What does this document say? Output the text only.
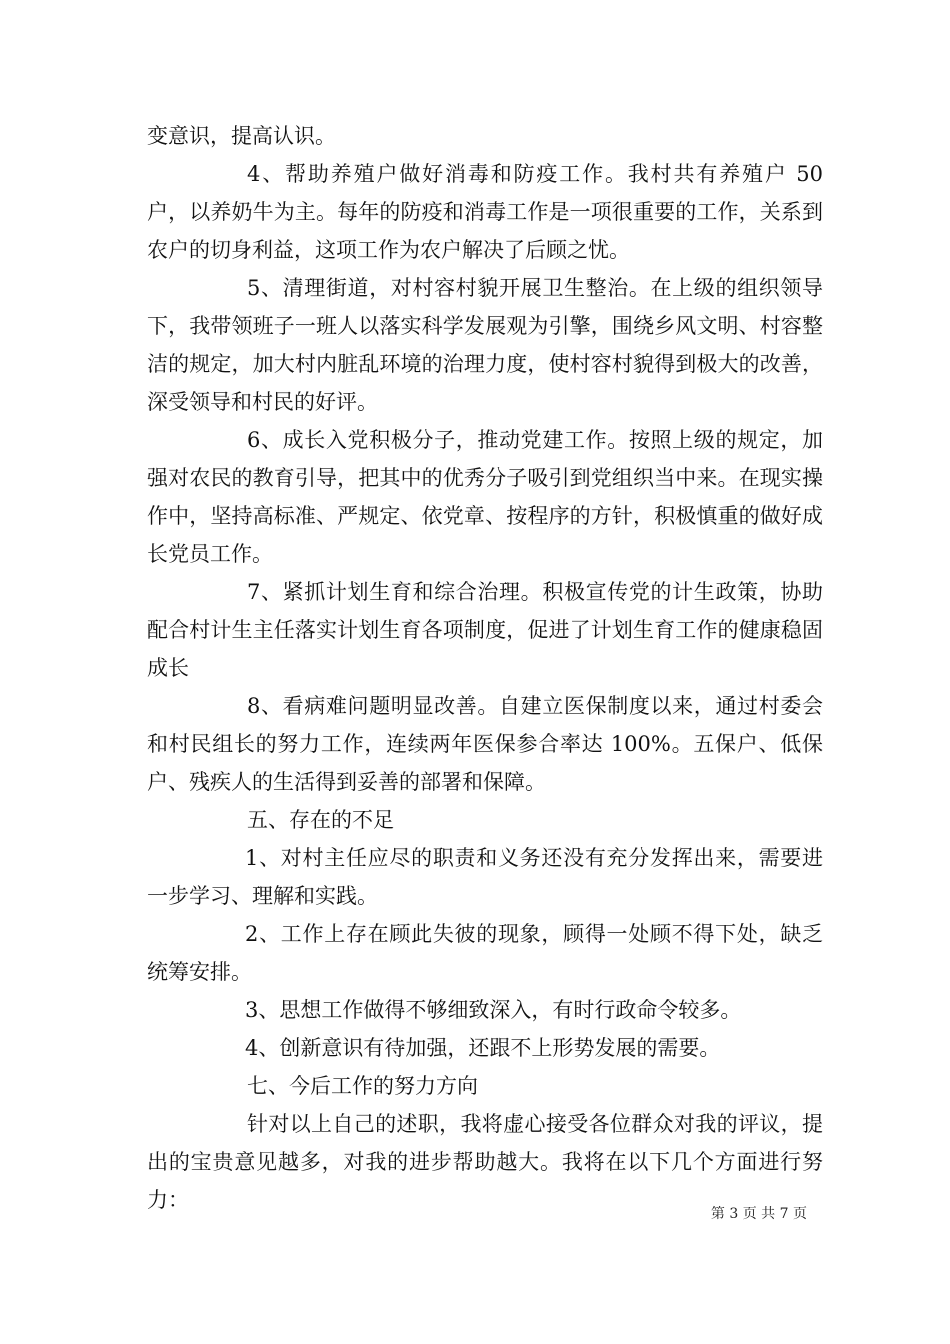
变意识，提高认识。

4、帮助养殖户做好消毒和防疫工作。我村共有养殖户 50 户，以养奶牛为主。每年的防疫和消毒工作是一项很重要的工作，关系到农户的切身利益，这项工作为农户解决了后顾之忧。

5、清理街道，对村容村貌开展卫生整治。在上级的组织领导下，我带领班子一班人以落实科学发展观为引擎，围绕乡风文明、村容整洁的规定，加大村内脏乱环境的治理力度，使村容村貌得到极大的改善，深受领导和村民的好评。

6、成长入党积极分子，推动党建工作。按照上级的规定，加强对农民的教育引导，把其中的优秀分子吸引到党组织当中来。在现实操作中，坚持高标准、严规定、依党章、按程序的方针，积极慎重的做好成长党员工作。

7、紧抓计划生育和综合治理。积极宣传党的计生政策，协助配合村计生主任落实计划生育各项制度，促进了计划生育工作的健康稳固成长

8、看病难问题明显改善。自建立医保制度以来，通过村委会和村民组长的努力工作，连续两年医保参合率达 100%。五保户、低保户、残疾人的生活得到妥善的部署和保障。

五、存在的不足

1、对村主任应尽的职责和义务还没有充分发挥出来，需要进一步学习、理解和实践。

2、工作上存在顾此失彼的现象，顾得一处顾不得下处，缺乏统筹安排。

3、思想工作做得不够细致深入，有时行政命令较多。

4、创新意识有待加强，还跟不上形势发展的需要。

七、今后工作的努力方向

针对以上自己的述职，我将虚心接受各位群众对我的评议，提出的宝贵意见越多，对我的进步帮助越大。我将在以下几个方面进行努力：

第 3 页 共 7 页
